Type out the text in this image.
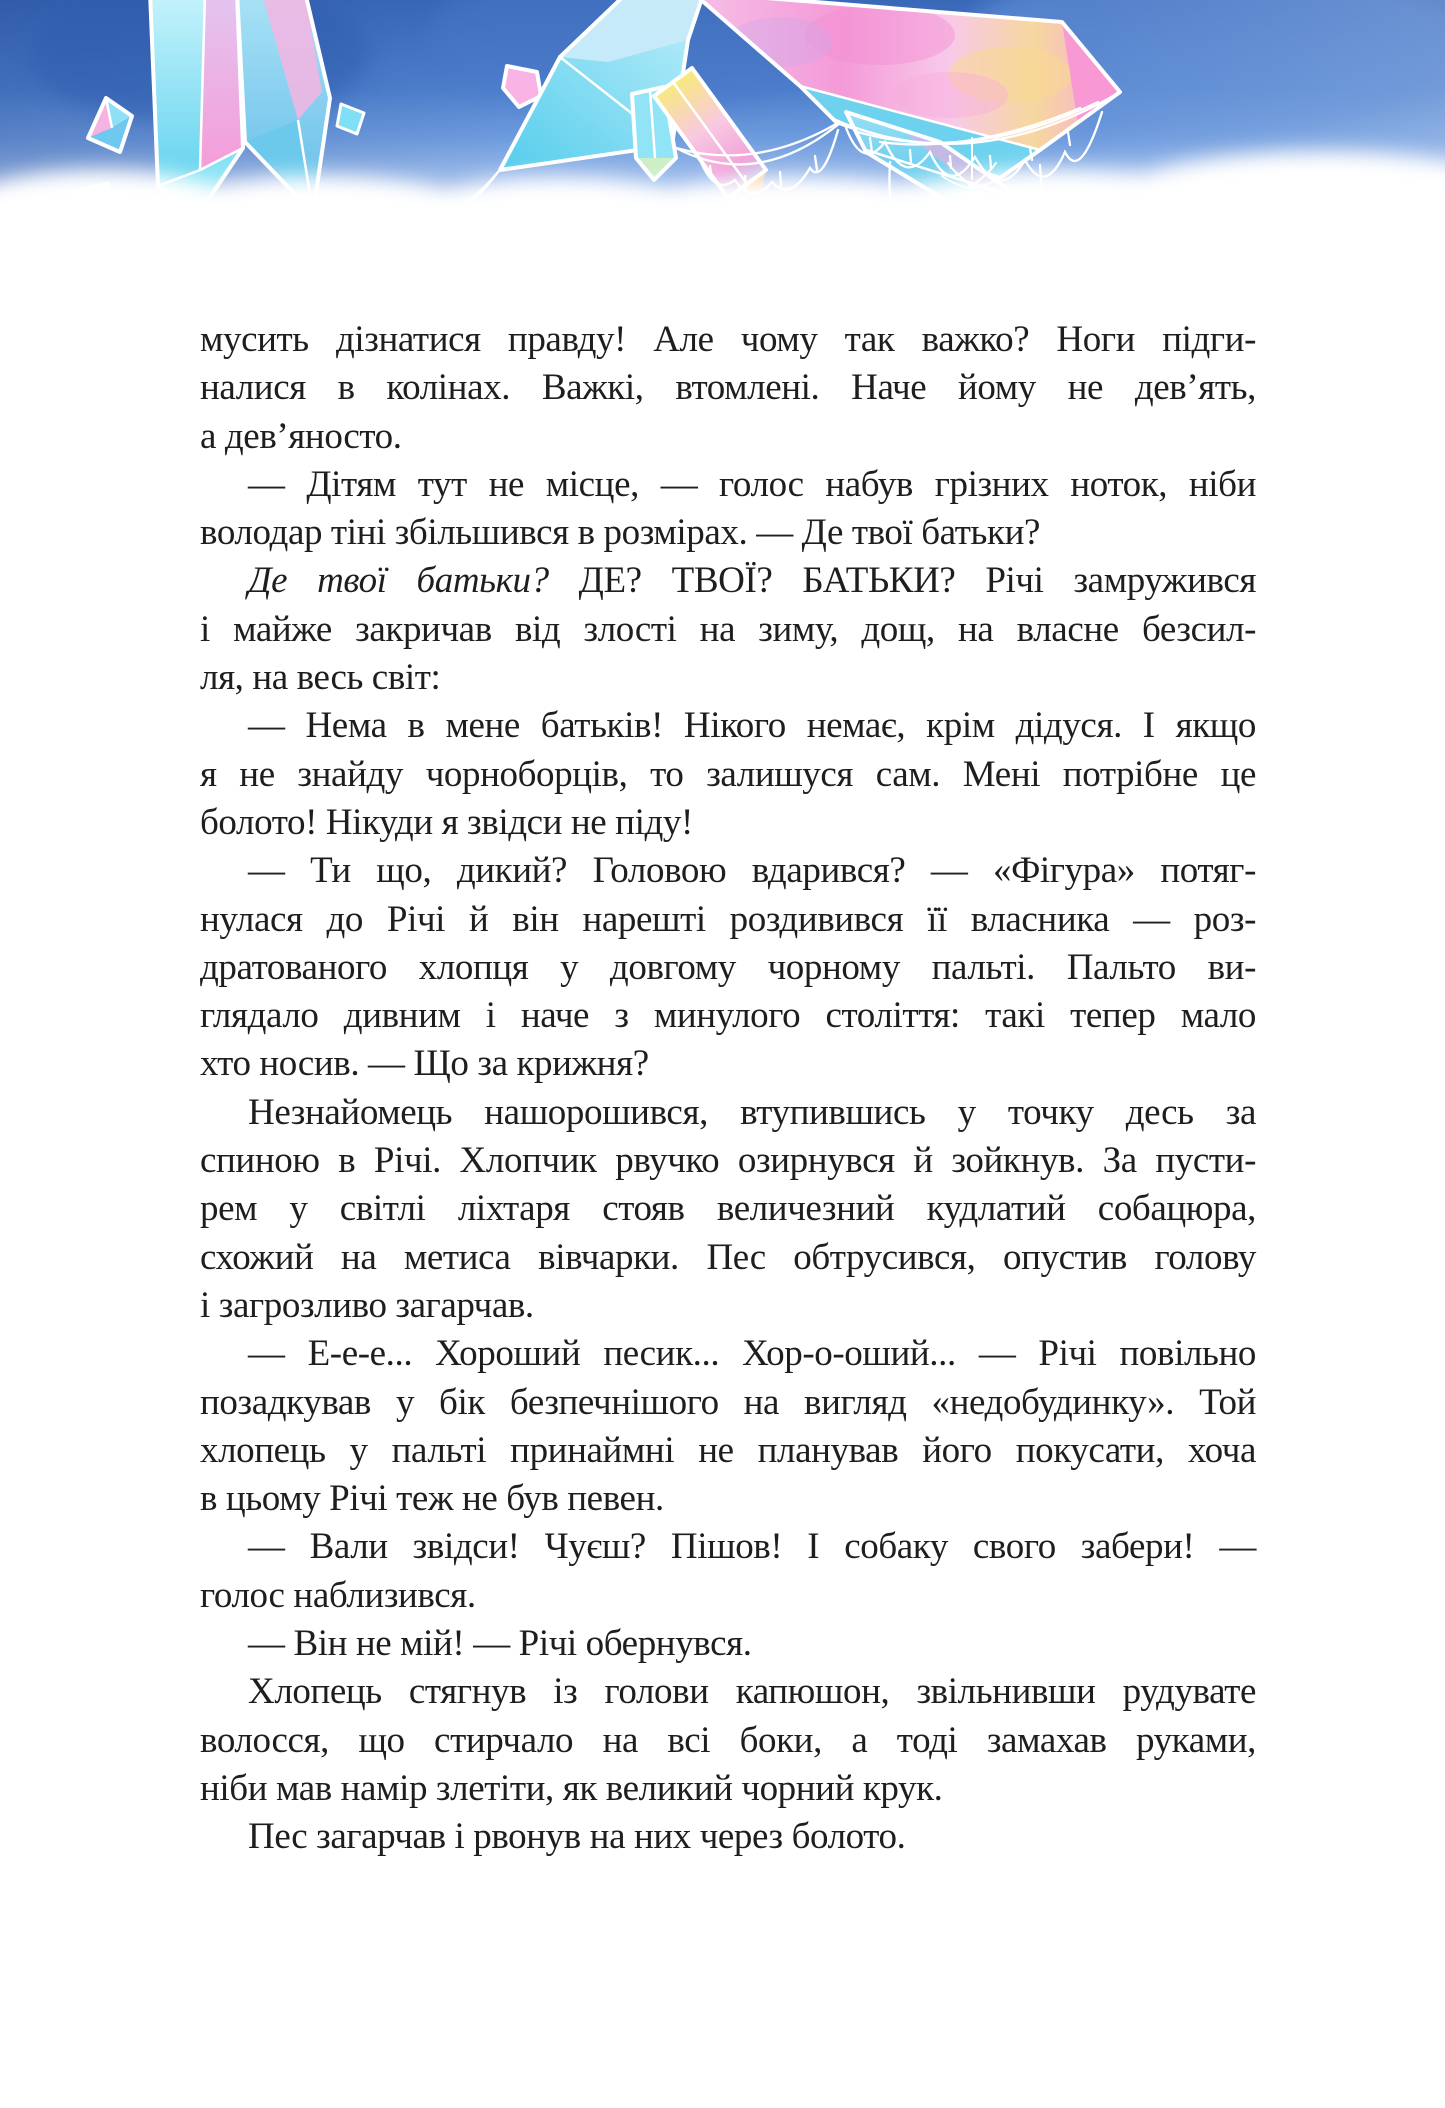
мусить дізнатися правду! Але чому так важко? Ноги підги-
налися в колінах. Важкі, втомлені. Наче йому не дев’ять,
а дев’яносто.
— Дітям тут не місце, — голос набув грізних ноток, ніби
володар тіні збільшився в розмірах. — Де твої батьки?
Де твої батьки? ДЕ? ТВОЇ? БАТЬКИ? Річі замружився
і майже закричав від злості на зиму, дощ, на власне безсил-
ля, на весь світ:
— Нема в мене батьків! Нікого немає, крім дідуся. І якщо
я не знайду чорноборців, то залишуся сам. Мені потрібне це
болото! Нікуди я звідси не піду!
— Ти що, дикий? Головою вдарився? — «Фігура» потяг-
нулася до Річі й він нарешті роздивився її власника — роз-
дратованого хлопця у довгому чорному пальті. Пальто ви-
глядало дивним і наче з минулого століття: такі тепер мало
хто носив. — Що за крижня?
Незнайомець нашорошився, втупившись у точку десь за
спиною в Річі. Хлопчик рвучко озирнувся й зойкнув. За пусти-
рем у світлі ліхтаря стояв величезний кудлатий собацюра,
схожий на метиса вівчарки. Пес обтрусився, опустив голову
і загрозливо загарчав.
— Е-е-е... Хороший песик... Хор-о-оший... — Річі повільно
позадкував у бік безпечнішого на вигляд «недобудинку». Той
хлопець у пальті принаймні не планував його покусати, хоча
в цьому Річі теж не був певен.
— Вали звідси! Чуєш? Пішов! І собаку свого забери! —
голос наблизився.
— Він не мій! — Річі обернувся.
Хлопець стягнув із голови капюшон, звільнивши рудувате
волосся, що стирчало на всі боки, а тоді замахав руками,
ніби мав намір злетіти, як великий чорний крук.
Пес загарчав і рвонув на них через болото.
